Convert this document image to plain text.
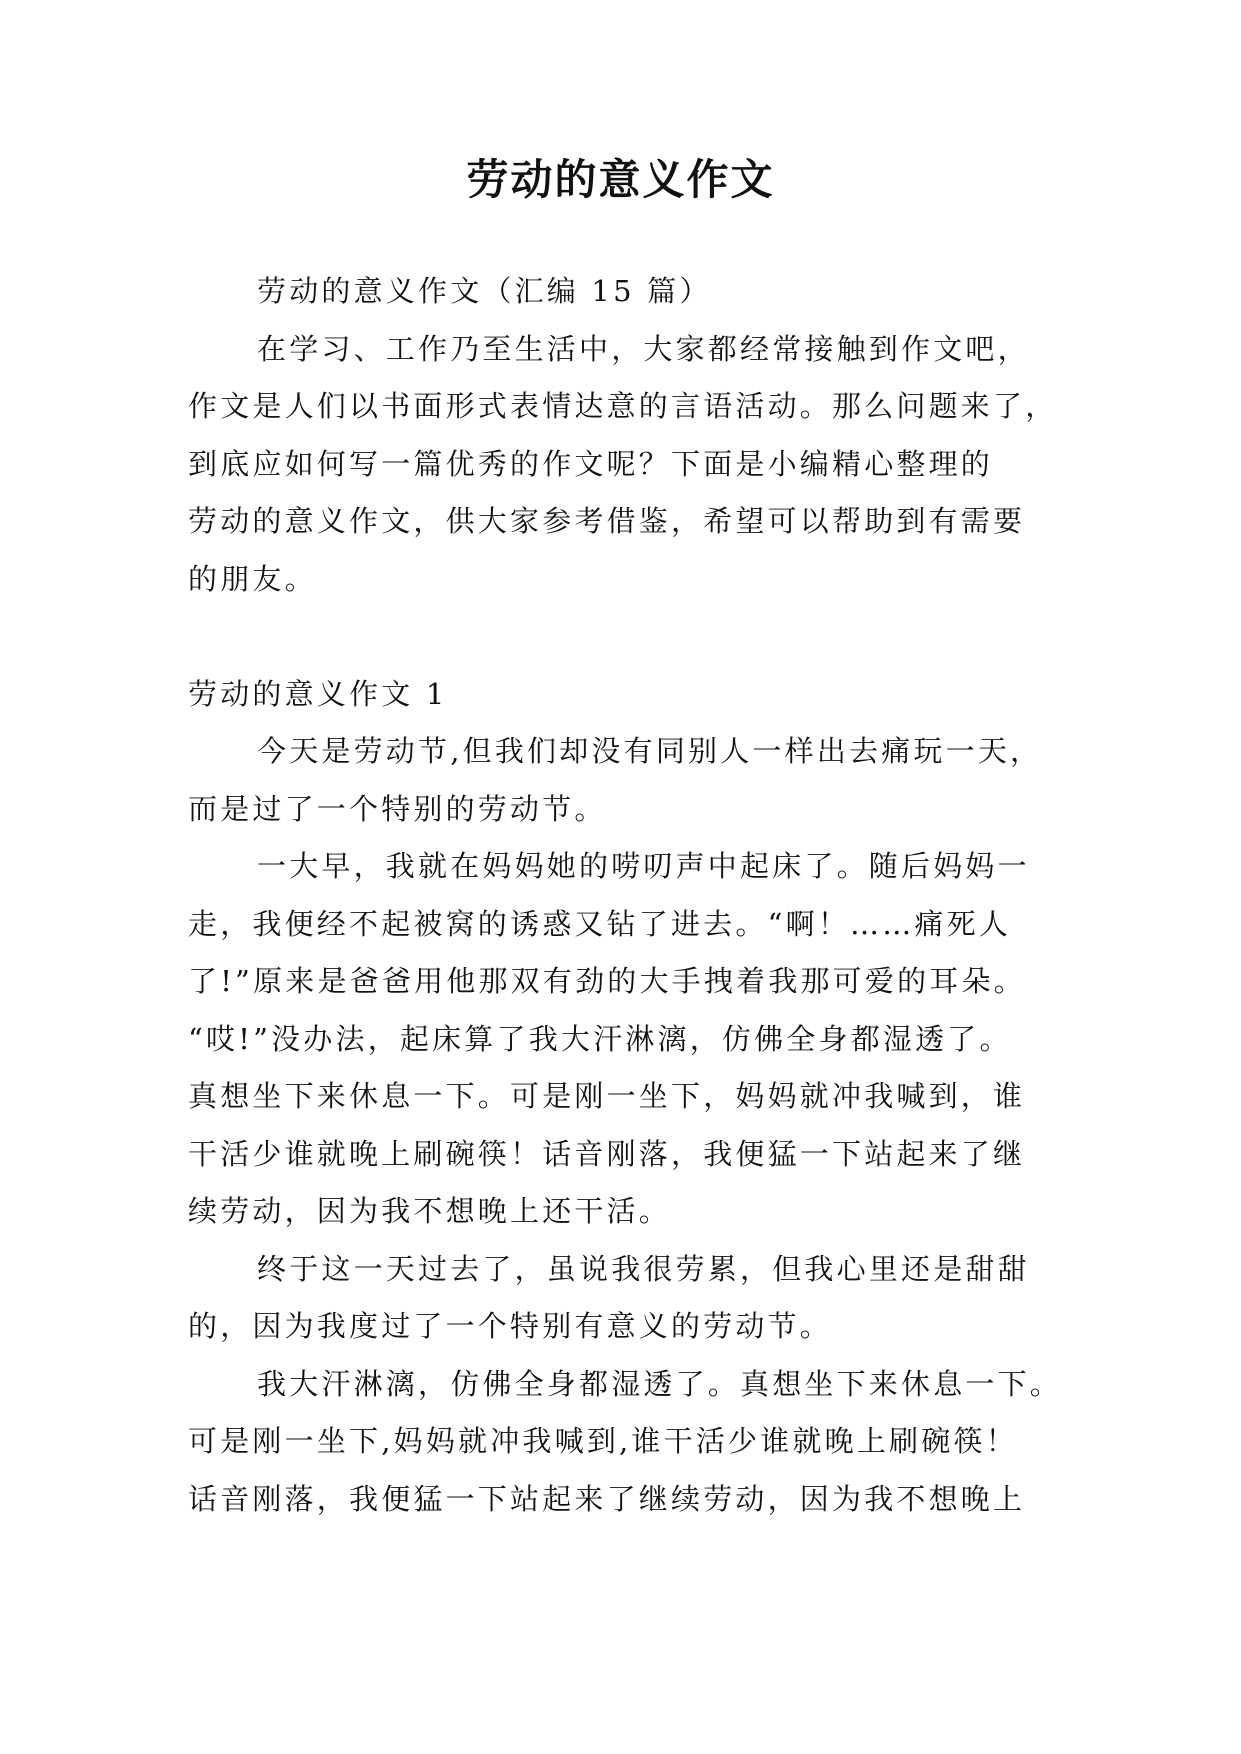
劳动的意义作文

劳动的意义作文（汇编 15 篇）

在学习、工作乃至生活中，大家都经常接触到作文吧，

作文是人们以书面形式表情达意的言语活动。那么问题来了，

到底应如何写一篇优秀的作文呢？下面是小编精心整理的

劳动的意义作文，供大家参考借鉴，希望可以帮助到有需要

的朋友。

劳动的意义作文 1

今天是劳动节,但我们却没有同别人一样出去痛玩一天，

而是过了一个特别的劳动节。

一大早，我就在妈妈她的唠叨声中起床了。随后妈妈一

走，我便经不起被窝的诱惑又钻了进去。“啊！……痛死人

了!”原来是爸爸用他那双有劲的大手拽着我那可爱的耳朵。

“哎!”没办法，起床算了我大汗淋漓，仿佛全身都湿透了。

真想坐下来休息一下。可是刚一坐下，妈妈就冲我喊到，谁

干活少谁就晚上刷碗筷！话音刚落，我便猛一下站起来了继

续劳动，因为我不想晚上还干活。

终于这一天过去了，虽说我很劳累，但我心里还是甜甜

的，因为我度过了一个特别有意义的劳动节。

我大汗淋漓，仿佛全身都湿透了。真想坐下来休息一下。

可是刚一坐下,妈妈就冲我喊到,谁干活少谁就晚上刷碗筷！

话音刚落，我便猛一下站起来了继续劳动，因为我不想晚上
